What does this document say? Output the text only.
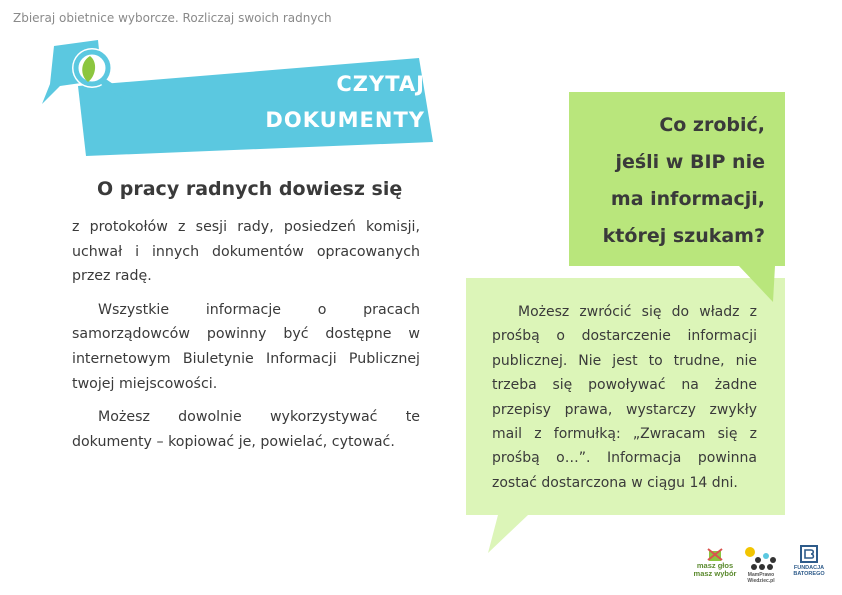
Zbieraj obietnice wyborcze. Rozliczaj swoich radnych
CZYTAJ
DOKUMENTY
O pracy radnych dowiesz się

z protokołów z sesji rady, posiedzeń komisji, uchwał i innych dokumentów opracowanych przez radę.

Wszystkie informacje o pracach samorządowców powinny być dostępne w internetowym Biuletynie Informacji Publicznej twojej miejscowości.

Możesz dowolnie wykorzystywać te dokumenty – kopiować je, powielać, cytować.

Co zrobić,
jeśli w BIP nie
ma informacji,
której szukam?

Możesz zwrócić się do władz z prośbą o dostarczenie informacji publicznej. Nie jest to trudne, nie trzeba się powoływać na żadne przepisy prawa, wystarczy zwykły mail z formułką: „Zwracam się z prośbą o…”. Informacja powinna zostać dostarczona w ciągu 14 dni.

masz głos
masz wybór	MamPrawo Wiedziec.pl
FUNDACJA
BATOREGO
